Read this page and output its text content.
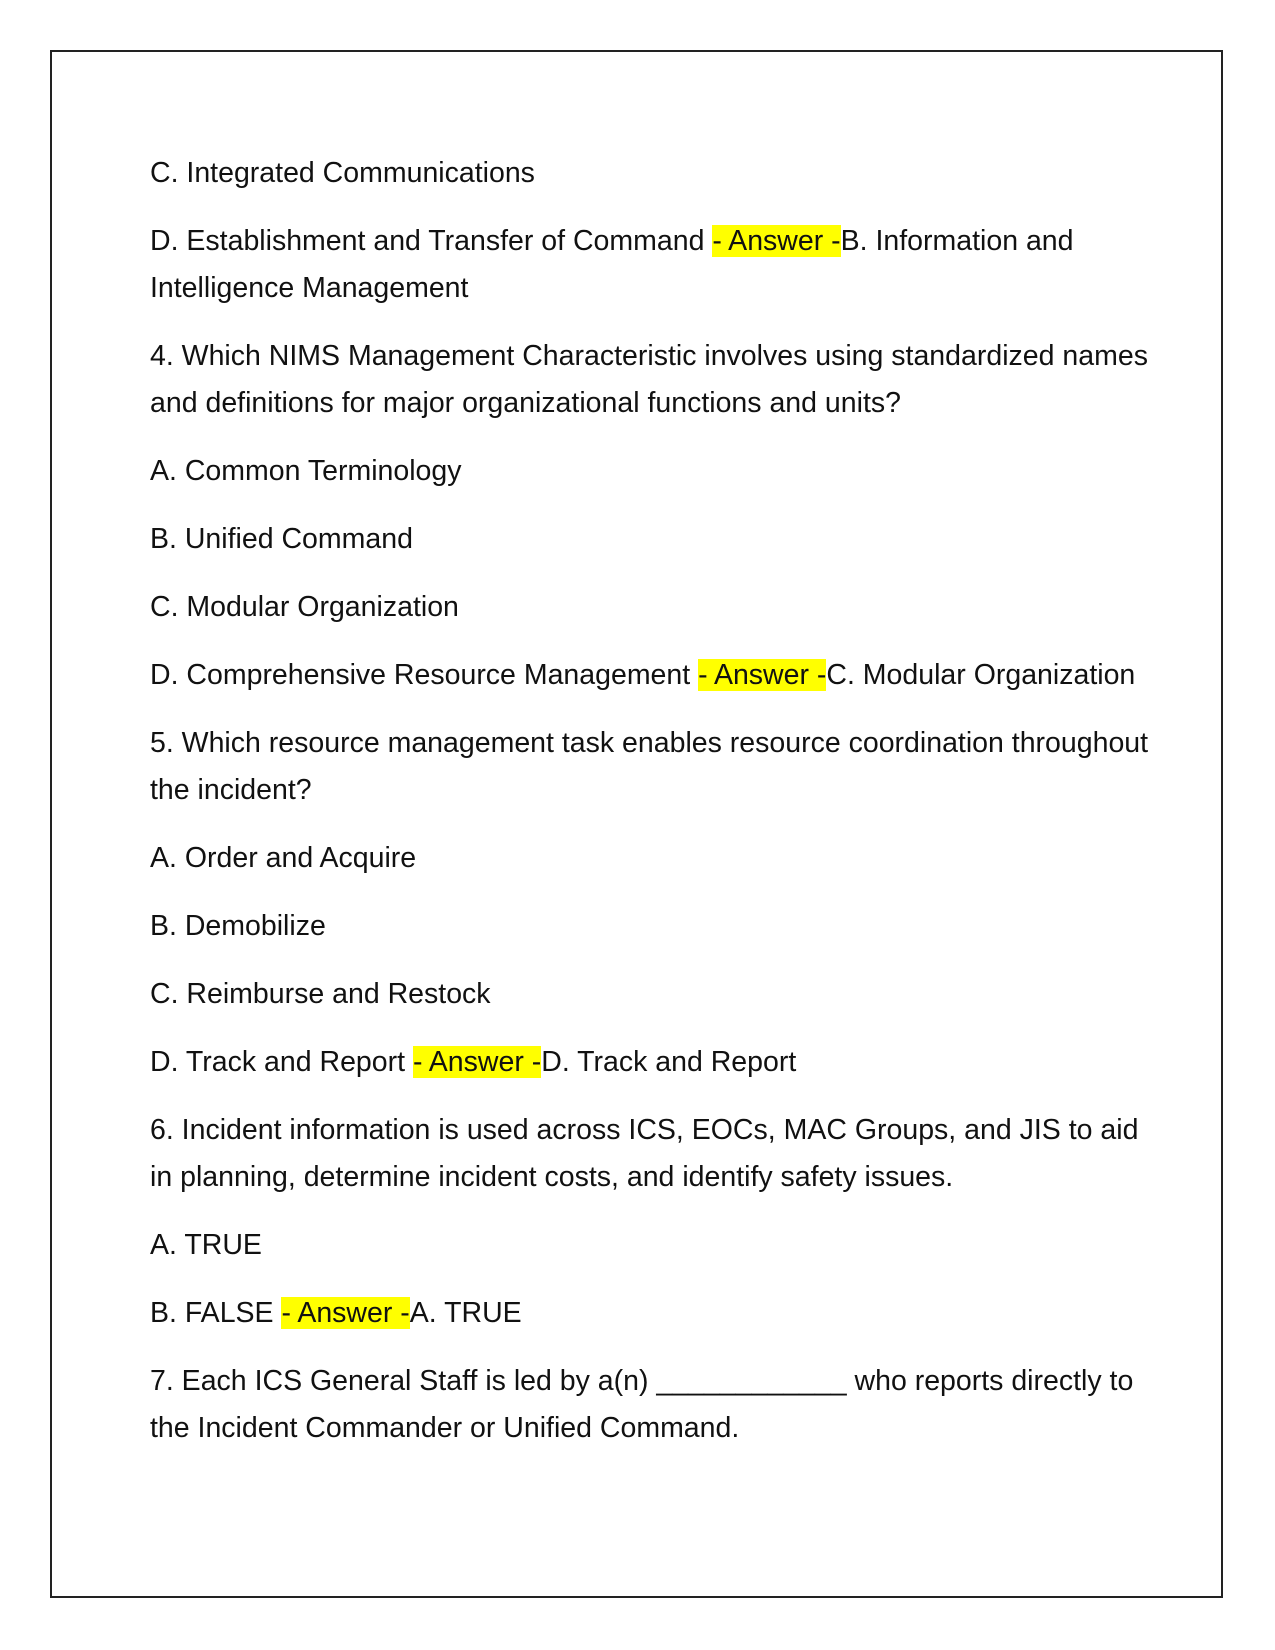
C. Integrated Communications

D. Establishment and Transfer of Command - Answer -B. Information and Intelligence Management

4. Which NIMS Management Characteristic involves using standardized names and definitions for major organizational functions and units?

A. Common Terminology

B. Unified Command

C. Modular Organization

D. Comprehensive Resource Management - Answer -C. Modular Organization

5. Which resource management task enables resource coordination throughout the incident?

A. Order and Acquire

B. Demobilize

C. Reimburse and Restock

D. Track and Report - Answer -D. Track and Report

6. Incident information is used across ICS, EOCs, MAC Groups, and JIS to aid in planning, determine incident costs, and identify safety issues.

A. TRUE

B. FALSE - Answer -A. TRUE

7. Each ICS General Staff is led by a(n) ____________ who reports directly to the Incident Commander or Unified Command.
